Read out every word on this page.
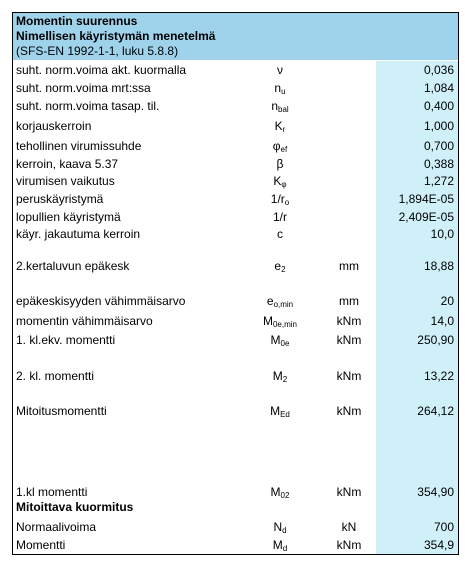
Momentin suurennus
Nimellisen käyristymän menetelmä
(SFS-EN 1992-1-1, luku 5.8.8)
Mitoittava kuormitus
suht. norm.voima akt. kuormalla	ν	0,036
suht. norm.voima mrt:ssa	$n_u$	1,084
suht. norm.voima tasap. til.	$n_{bal}$	0,400
korjauskerroin	$K_r$	1,000
tehollinen virumissuhde	$\varphi_{ef}$	0,700
kerroin, kaava 5.37	β	0,388
virumisen vaikutus	$K_\varphi$	1,272
peruskäyristymä	$1/r_o$	1,894E-05
lopullien käyristymä	1/r	2,409E-05
käyr. jakautuma kerroin	c	10,0
2.kertaluvun epäkesk	$e_2$	mm	18,88
epäkeskisyyden vähimmäisarvo	$e_{o,min}$	mm	20
momentin vähimmäisarvo	$M_{0e,min}$	kNm	14,0
1. kl.ekv. momentti	$M_{0e}$	kNm	250,90
2. kl. momentti	$M_2$	kNm	13,22
Mitoitusmomentti	$M_{Ed}$	kNm	264,12
1.kl momentti	$M_{02}$	kNm	354,90
Normaalivoima	$N_d$	kN	700
Momentti	$M_d$	kNm	354,9
